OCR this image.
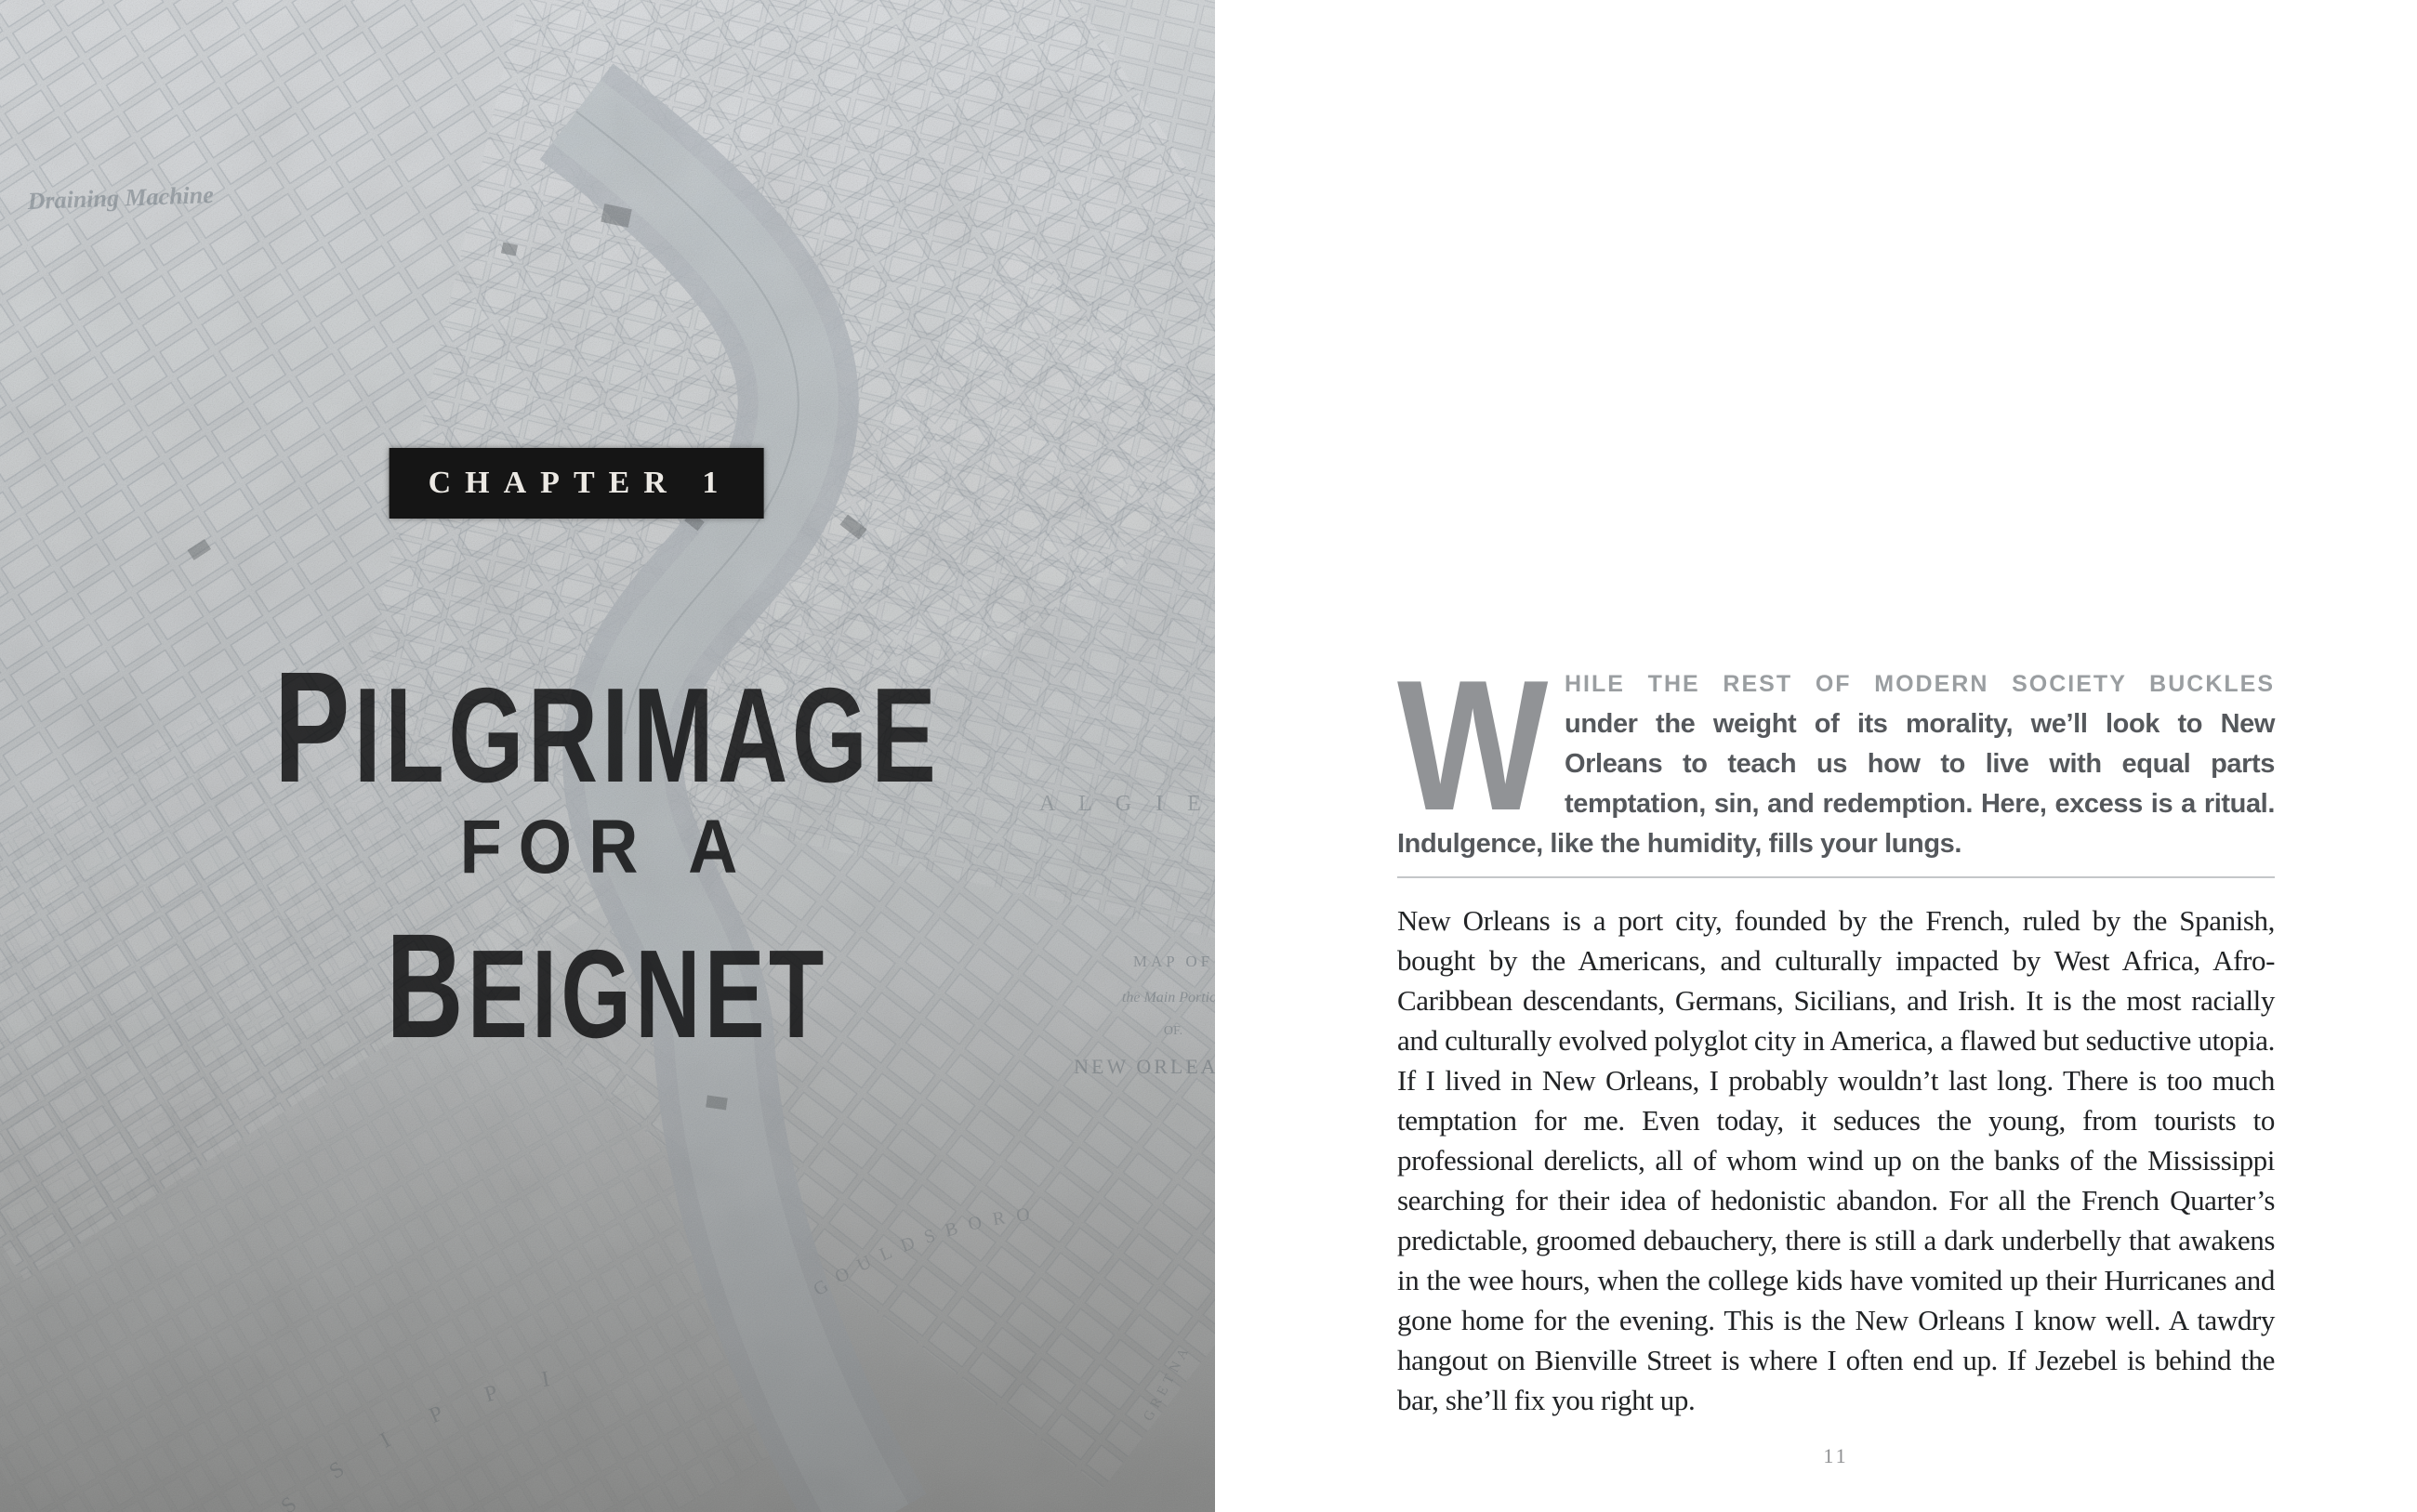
CHAPTER 1
PILGRIMAGE
FOR A
BEIGNET
W HILE THE REST OF MODERN SOCIETY BUCKLES

under the weight of its morality, we’ll look to New Orleans to teach us how to live with equal parts temptation, sin, and redemption. Here, excess is a ritual. Indulgence, like the humidity, fills your lungs.

New Orleans is a port city, founded by the French, ruled by the Spanish, bought by the Americans, and culturally impacted by West Africa, Afro-Caribbean descendants, Germans, Sicilians, and Irish. It is the most racially and culturally evolved polyglot city in America, a flawed but seductive utopia. If I lived in New Orleans, I probably wouldn’t last long. There is too much temptation for me. Even today, it seduces the young, from tourists to professional derelicts, all of whom wind up on the banks of the Mississippi searching for their idea of hedonistic abandon. For all the French Quarter’s predictable, groomed debauchery, there is still a dark underbelly that awakens in the wee hours, when the college kids have vomited up their Hurricanes and gone home for the evening. This is the New Orleans I know well. A tawdry hangout on Bienville Street is where I often end up. If Jezebel is behind the bar, she’ll fix you right up.

11
